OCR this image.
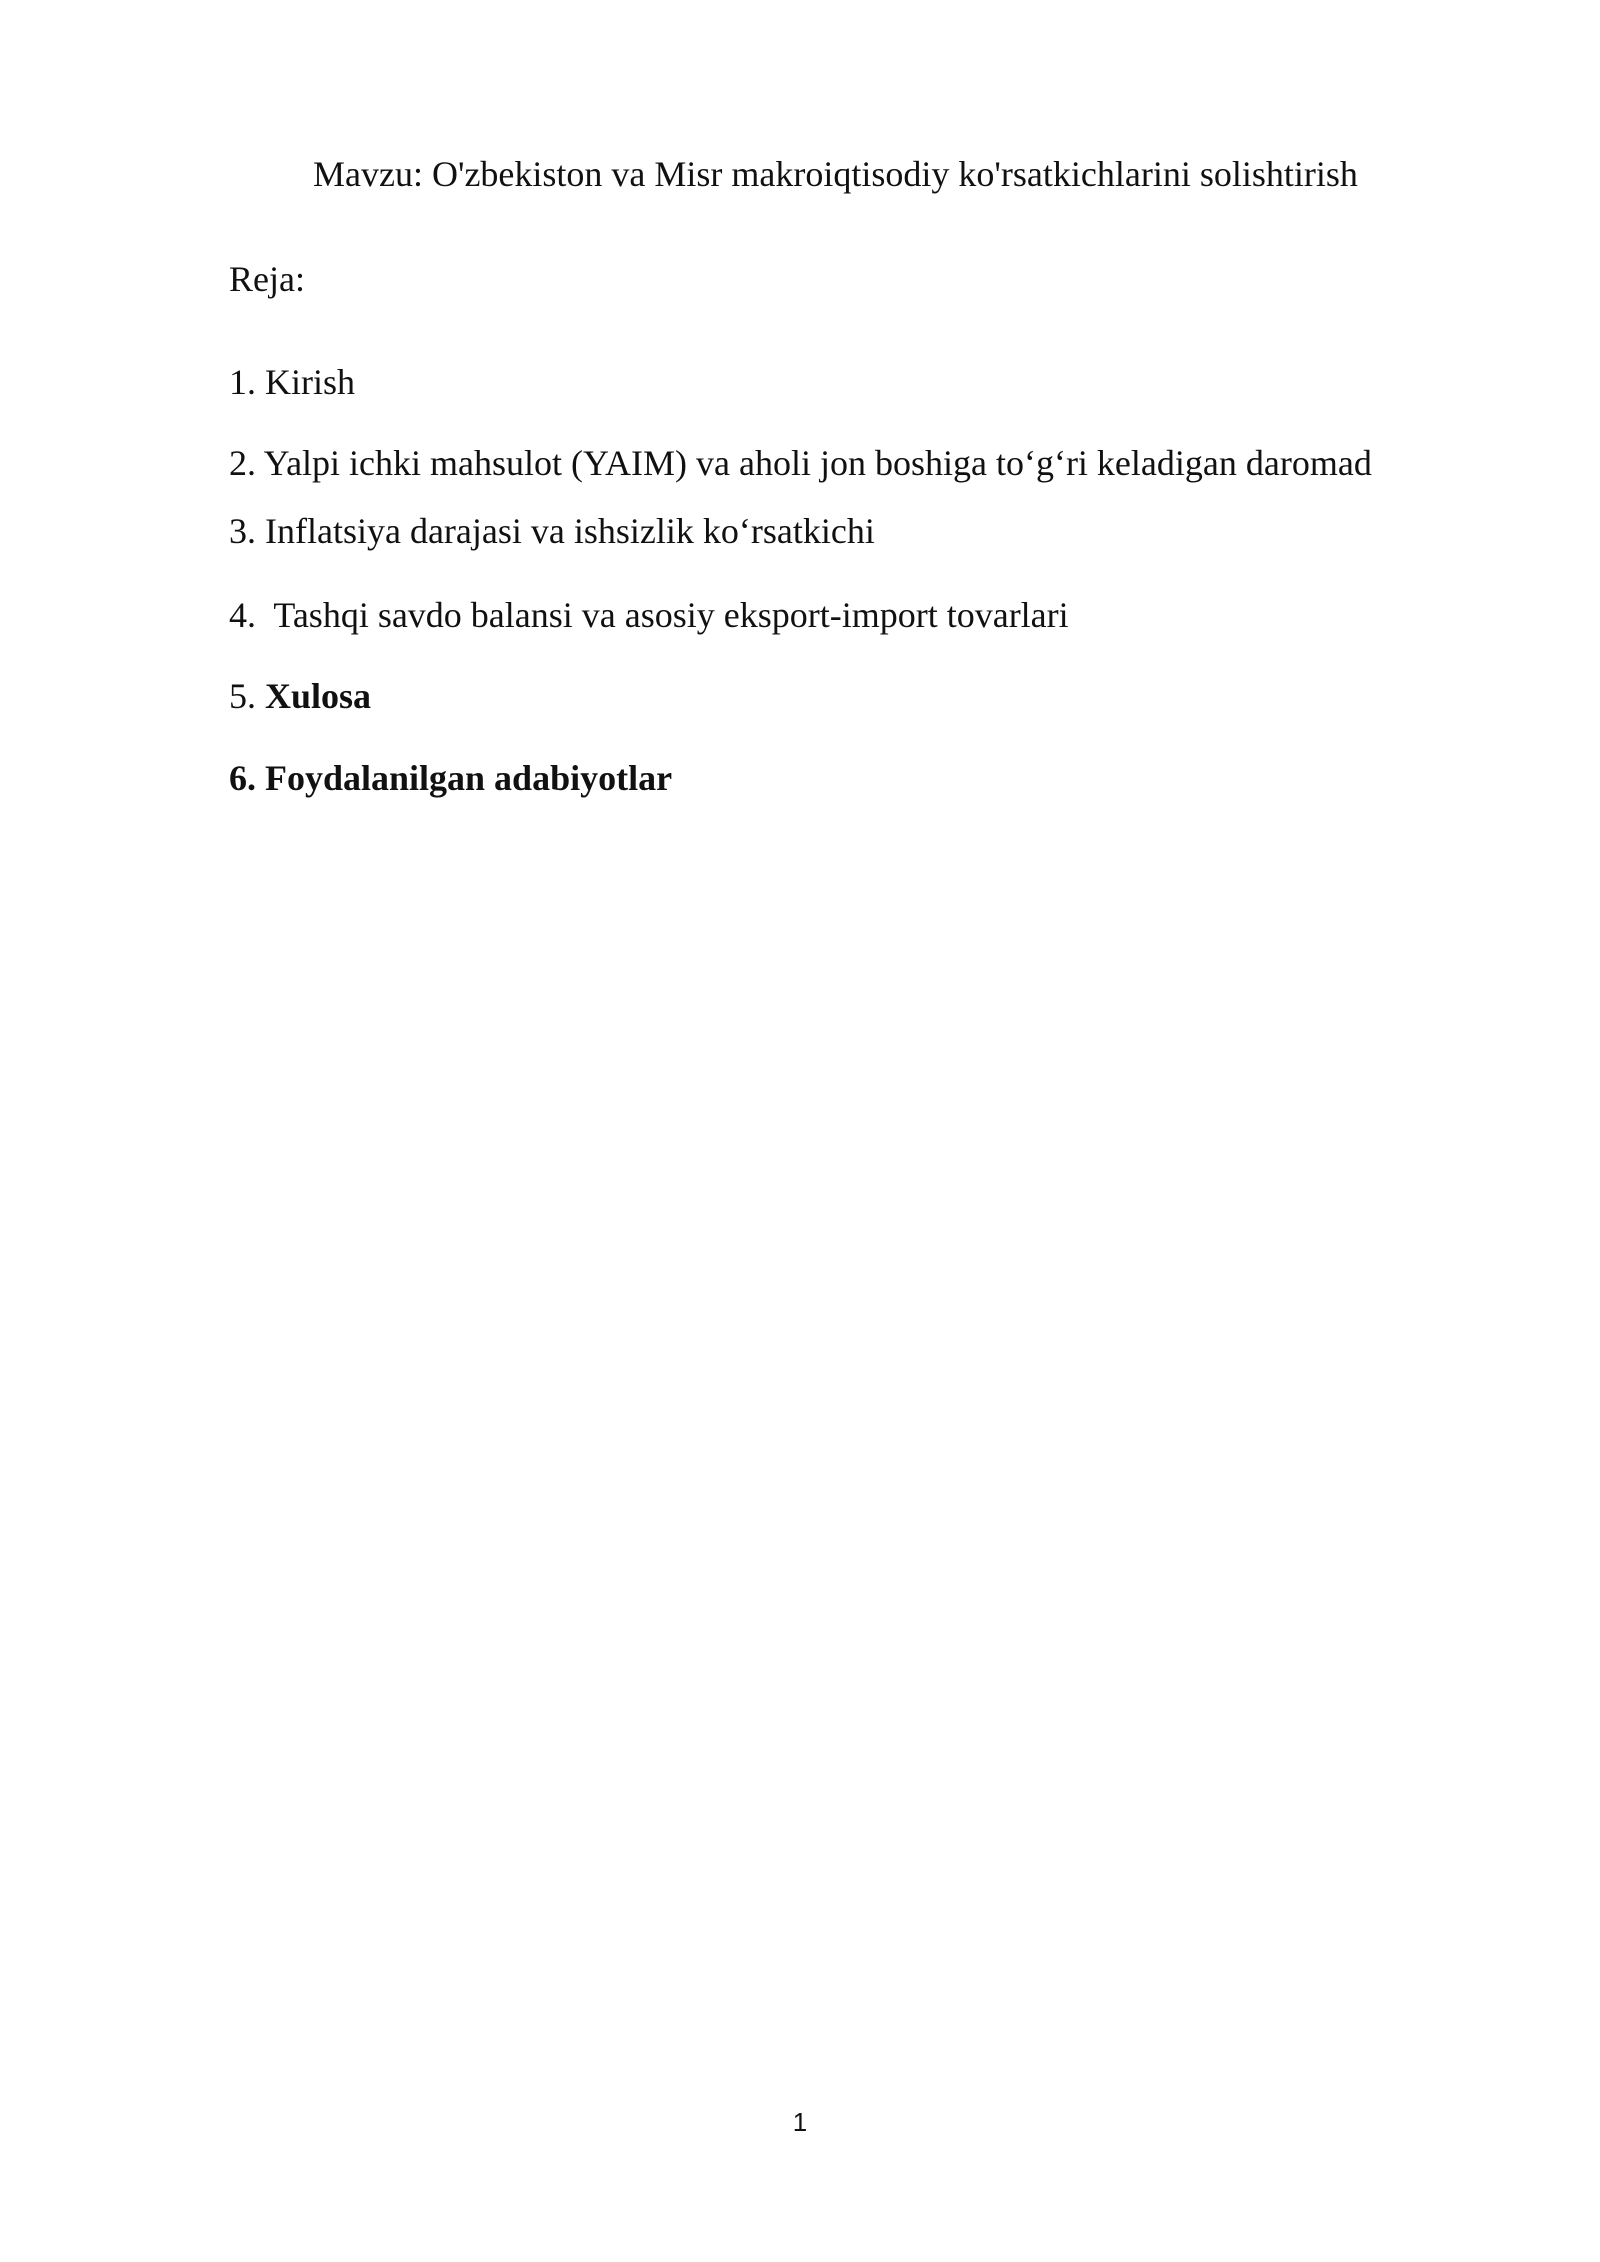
Mavzu: O'zbekiston va Misr makroiqtisodiy ko'rsatkichlarini solishtirish
Reja:
1. Kirish
2. Yalpi ichki mahsulot (YAIM) va aholi jon boshiga to‘g‘ri keladigan daromad
3. Inflatsiya darajasi va ishsizlik ko‘rsatkichi
4.  Tashqi savdo balansi va asosiy eksport-import tovarlari
5. Xulosa
6. Foydalanilgan adabiyotlar
1
